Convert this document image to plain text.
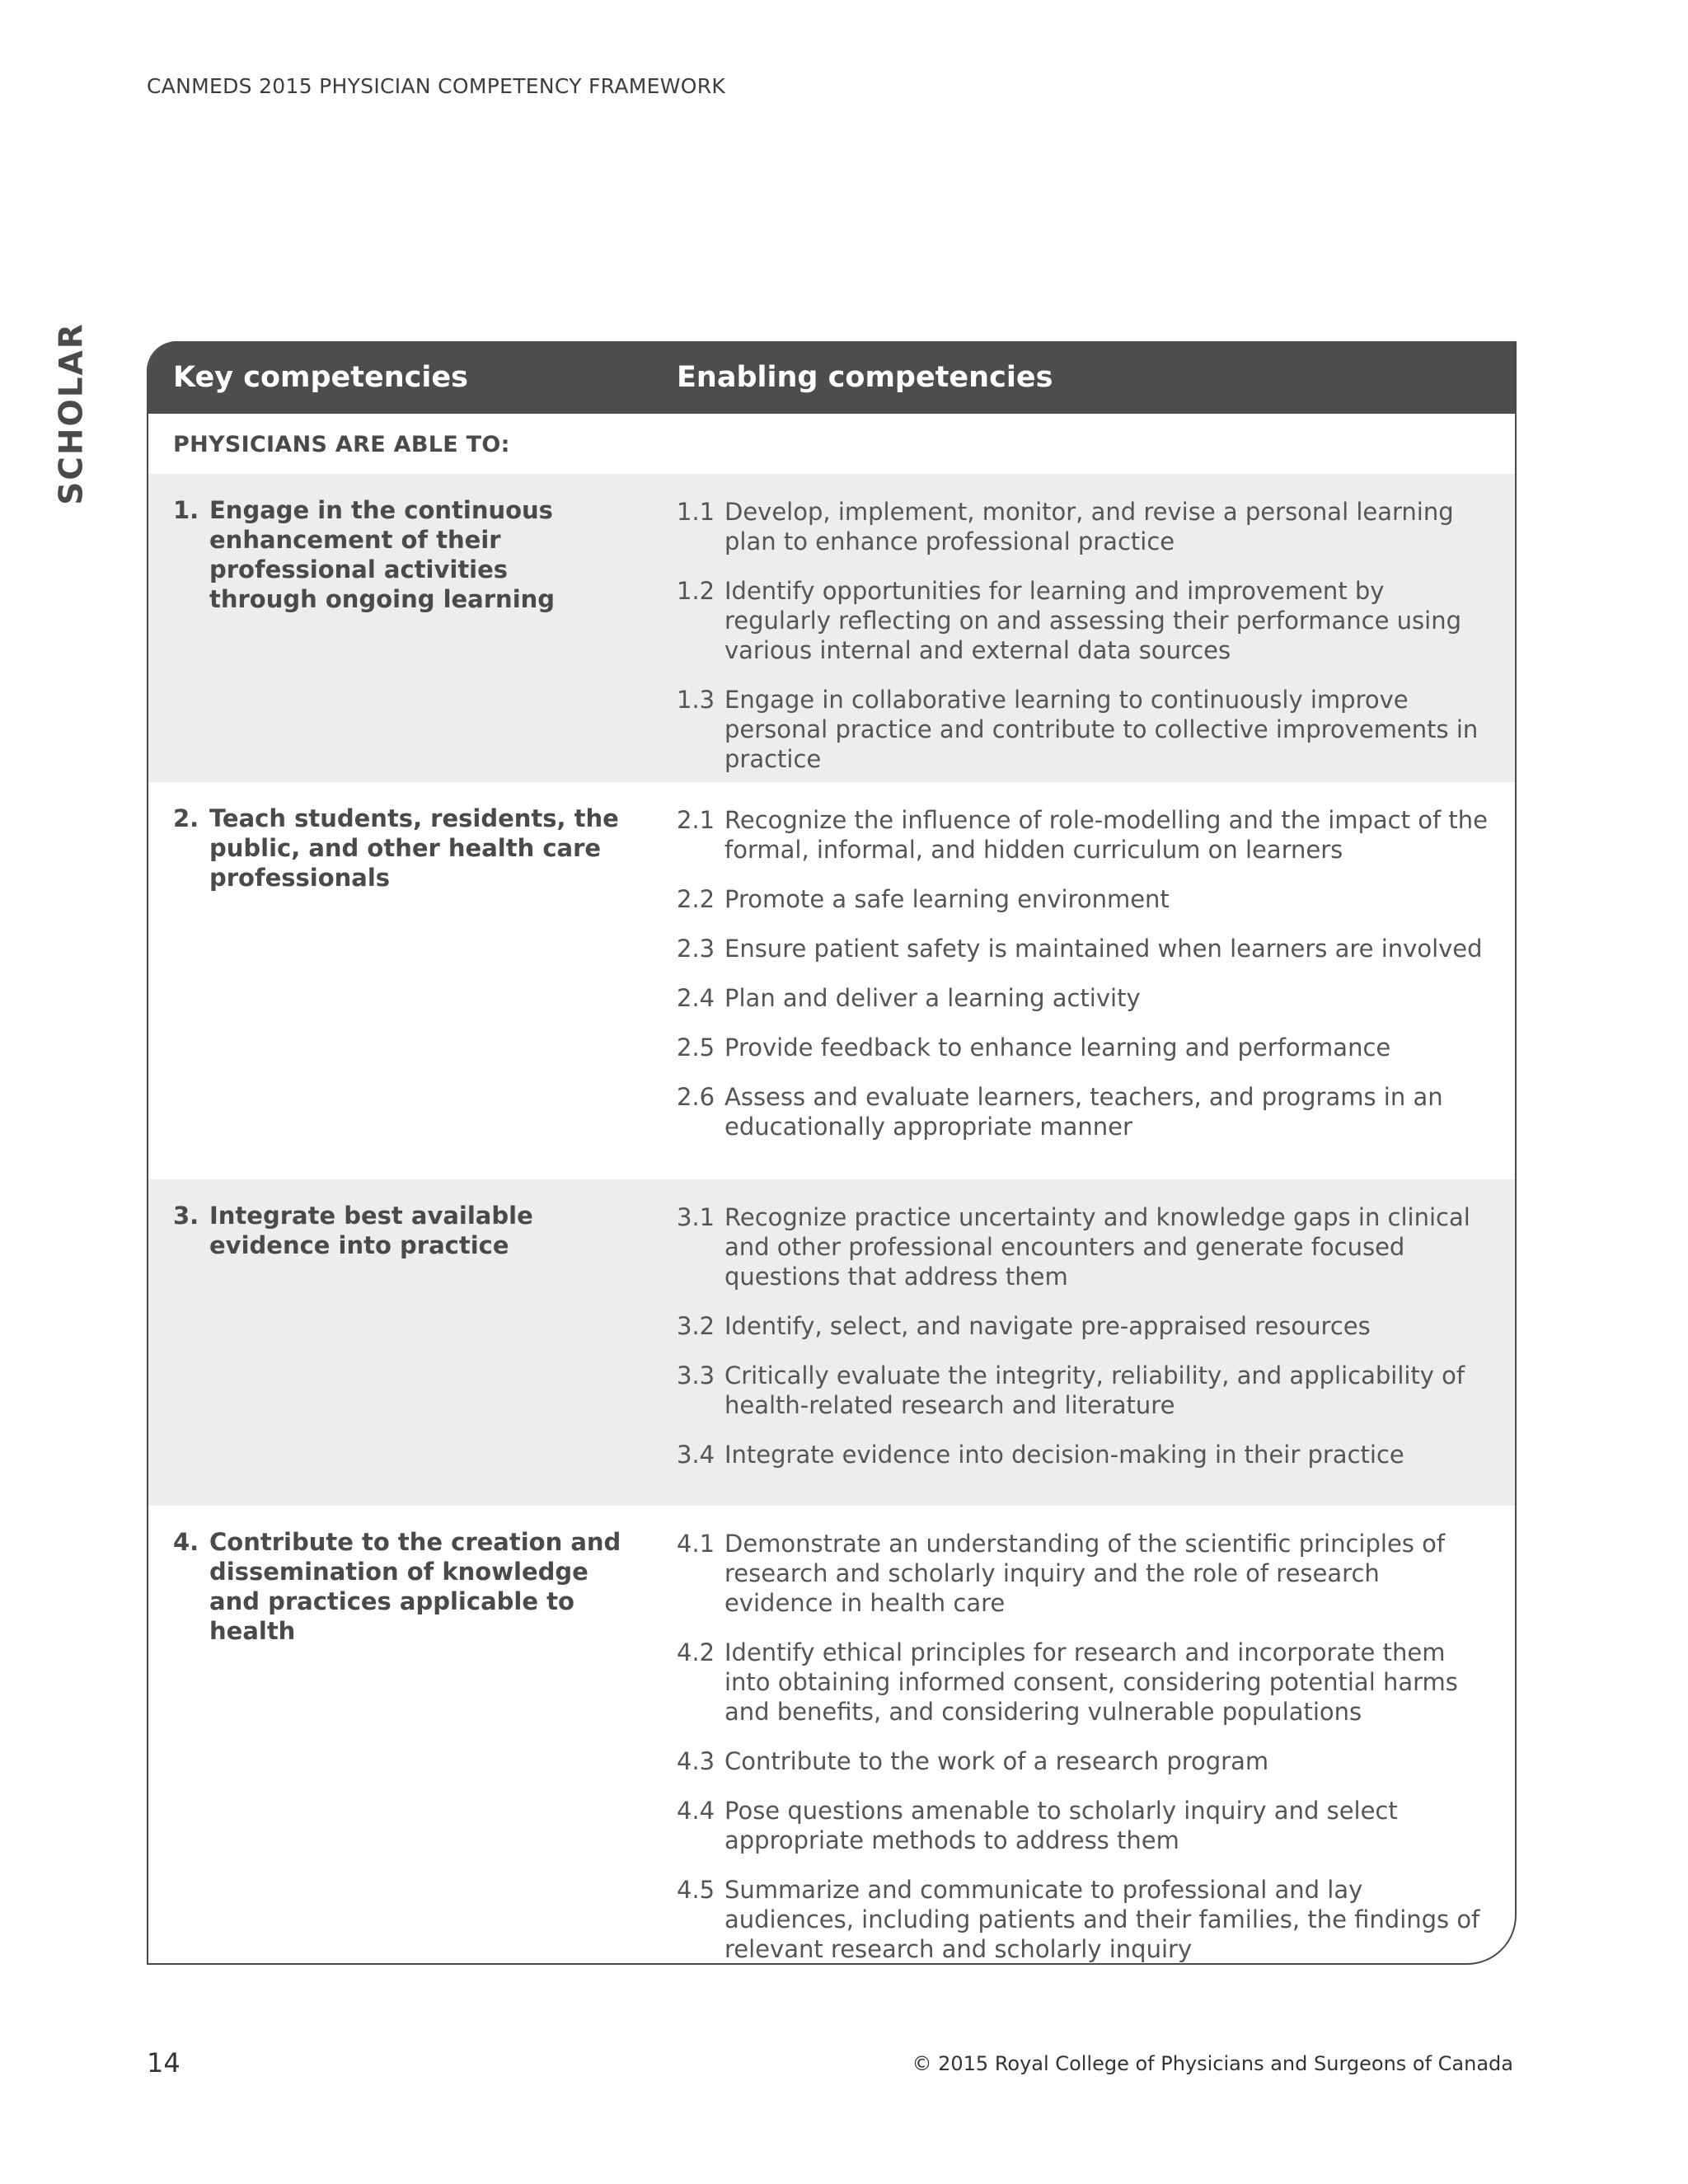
CANMEDS 2015 PHYSICIAN COMPETENCY FRAMEWORK
SCHOLAR	Key competencies	Enabling competencies
PHYSICIANS ARE ABLE TO:
1. Engage in the continuous enhancement of their professional activities through ongoing learning
1.1 Develop, implement, monitor, and revise a personal learning plan to enhance professional practice
1.2 Identify opportunities for learning and improvement by regularly reflecting on and assessing their performance using various internal and external data sources
1.3 Engage in collaborative learning to continuously improve personal practice and contribute to collective improvements in practice
2. Teach students, residents, the public, and other health care professionals
2.1 Recognize the influence of role-modelling and the impact of the formal, informal, and hidden curriculum on learners
2.2 Promote a safe learning environment
2.3 Ensure patient safety is maintained when learners are involved
2.4 Plan and deliver a learning activity
2.5 Provide feedback to enhance learning and performance
2.6 Assess and evaluate learners, teachers, and programs in an educationally appropriate manner
3. Integrate best available evidence into practice
3.1 Recognize practice uncertainty and knowledge gaps in clinical and other professional encounters and generate focused questions that address them
3.2 Identify, select, and navigate pre-appraised resources
3.3 Critically evaluate the integrity, reliability, and applicability of health-related research and literature
3.4 Integrate evidence into decision-making in their practice
4. Contribute to the creation and dissemination of knowledge and practices applicable to health
4.1 Demonstrate an understanding of the scientific principles of research and scholarly inquiry and the role of research evidence in health care
4.2 Identify ethical principles for research and incorporate them into obtaining informed consent, considering potential harms and benefits, and considering vulnerable populations
4.3 Contribute to the work of a research program
4.4 Pose questions amenable to scholarly inquiry and select appropriate methods to address them
4.5 Summarize and communicate to professional and lay audiences, including patients and their families, the findings of relevant research and scholarly inquiry
14	© 2015 Royal College of Physicians and Surgeons of Canada
